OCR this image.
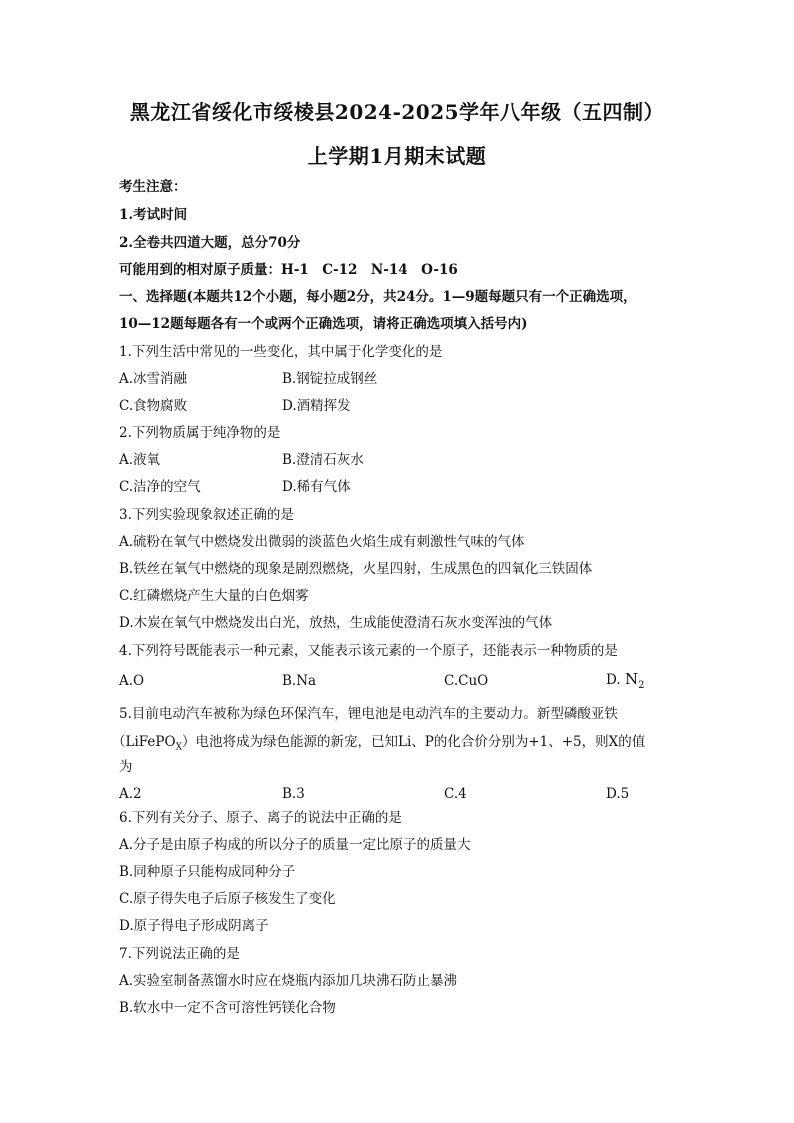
黑龙江省绥化市绥棱县2024-2025学年八年级（五四制）
上学期1月期末试题
考生注意：
1.考试时间
2.全卷共四道大题，总分70分
可能用到的相对原子质量：H-1　C-12　N-14　O-16
一、选择题(本题共12个小题，每小题2分，共24分。1—9题每题只有一个正确选项，
10—12题每题各有一个或两个正确选项，请将正确选项填入括号内)
1.下列生活中常见的一些变化，其中属于化学变化的是
A.冰雪消融	B.钢锭拉成钢丝
C.食物腐败	D.酒精挥发
2.下列物质属于纯净物的是
A.液氧	B.澄清石灰水
C.洁净的空气	D.稀有气体
3.下列实验现象叙述正确的是
A.硫粉在氧气中燃烧发出微弱的淡蓝色火焰生成有刺激性气味的气体
B.铁丝在氧气中燃烧的现象是剧烈燃烧，火星四射，生成黑色的四氧化三铁固体
C.红磷燃烧产生大量的白色烟雾
D.木炭在氧气中燃烧发出白光，放热，生成能使澄清石灰水变浑浊的气体
4.下列符号既能表示一种元素，又能表示该元素的一个原子，还能表示一种物质的是
A.O	B.Na	C.CuO	D. $N_2$
5.目前电动汽车被称为绿色环保汽车，锂电池是电动汽车的主要动力。新型磷酸亚铁
（LiFePO$_X$）电池将成为绿色能源的新宠，已知Li、P的化合价分别为+1、+5，则X的值
为
A.2	B.3	C.4	D.5
6.下列有关分子、原子、离子的说法中正确的是
A.分子是由原子构成的所以分子的质量一定比原子的质量大
B.同种原子只能构成同种分子
C.原子得失电子后原子核发生了变化
D.原子得电子形成阴离子
7.下列说法正确的是
A.实验室制备蒸馏水时应在烧瓶内添加几块沸石防止暴沸
B.软水中一定不含可溶性钙镁化合物
